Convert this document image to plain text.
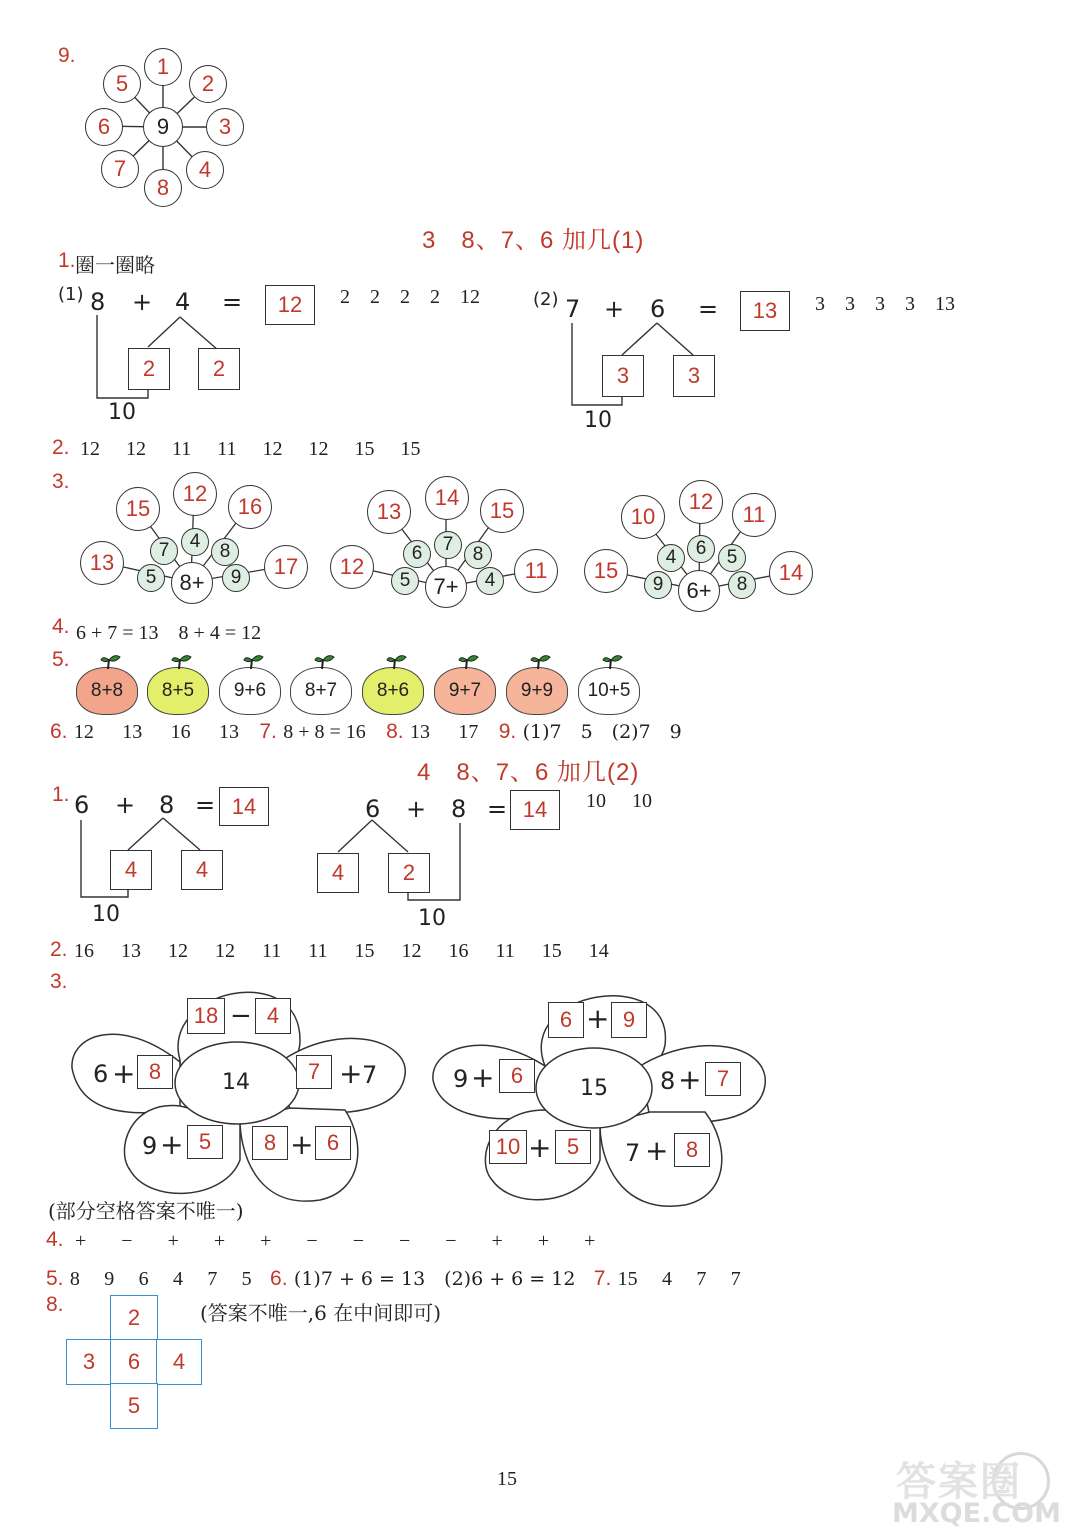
9.
9
1
2
3
4
8
7
6
5
3　8、7、6 加几(1)
1. 圈一圈略
(1) 8 + 4 =	12	2 2 2 2 12
2	2
10
(2) 7 + 6 =	13	3 3 3 3 13
3	3
10
2. 12 12 11 11 12 12 15 15
3.
13
15
12
16
17
5
7	4	8
9
8+
12
13
14
15
11
5
6	7	8
4
7+
15
10
12
11
14
9
4	6	5
8
6+
4. 6 + 7 = 13　8 + 4 = 12
5.
8+8	8+5	9+6	8+7	8+6	9+7	9+9	10+5
6. 12 13 16 13 7. 8 + 8 = 16 8. 13 17 9. (1)7　5　(2)7　9
4　8、7、6 加几(2)
1. 6 + 8 = 14
4	4
10
6 + 8 = 14	10 10
4	2
10
2. 16 13 12 12 11 11 15 12 16 11 15 14
3.
18 − 4
6 + 8	14	7 + 7
9 + 5	8 + 6
6 + 9
9 + 6
15 8 + 7
10 + 5	7 + 8
(部分空格答案不唯一)
4. + − + + + − − − − + + +
5. 8 9 6 4 7 5 6. (1)7 + 6 = 13　(2)6 + 6 = 12 7. 15 4 7 7
8.	(答案不唯一,6 在中间即可)
2
3	6	4
5
15	答案圈
MXQE.COM
